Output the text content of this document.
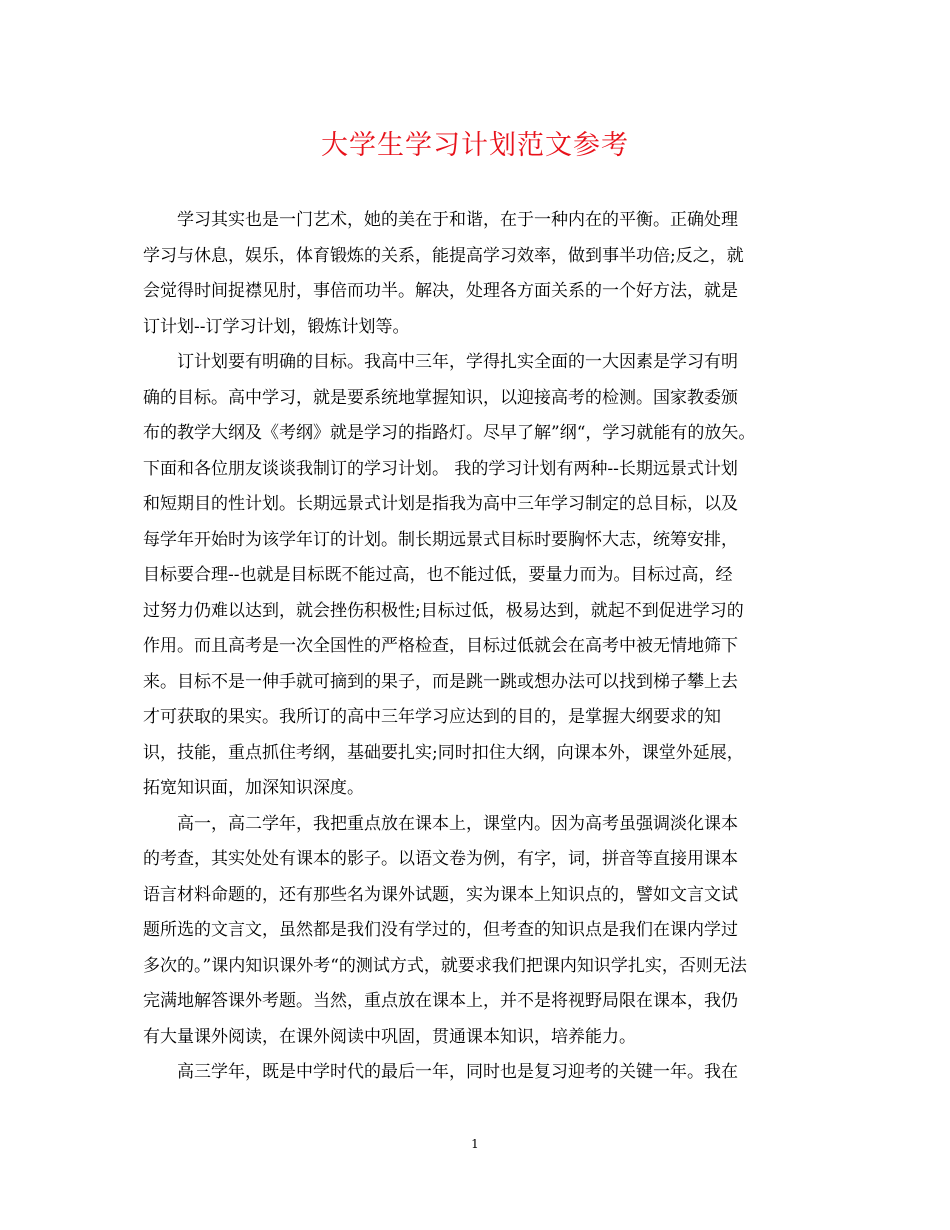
大学生学习计划范文参考
学习其实也是一门艺术，她的美在于和谐，在于一种内在的平衡。正确处理
学习与休息，娱乐，体育锻炼的关系，能提高学习效率，做到事半功倍;反之，就
会觉得时间捉襟见肘，事倍而功半。解决，处理各方面关系的一个好方法，就是
订计划--订学习计划，锻炼计划等。
订计划要有明确的目标。我高中三年，学得扎实全面的一大因素是学习有明
确的目标。高中学习，就是要系统地掌握知识，以迎接高考的检测。国家教委颁
布的教学大纲及《考纲》就是学习的指路灯。尽早了解”纲“，学习就能有的放矢。
下面和各位朋友谈谈我制订的学习计划。 我的学习计划有两种--长期远景式计划
和短期目的性计划。长期远景式计划是指我为高中三年学习制定的总目标，以及
每学年开始时为该学年订的计划。制长期远景式目标时要胸怀大志，统筹安排，
目标要合理--也就是目标既不能过高，也不能过低，要量力而为。目标过高，经
过努力仍难以达到，就会挫伤积极性;目标过低，极易达到，就起不到促进学习的
作用。而且高考是一次全国性的严格检查，目标过低就会在高考中被无情地筛下
来。目标不是一伸手就可摘到的果子，而是跳一跳或想办法可以找到梯子攀上去
才可获取的果实。我所订的高中三年学习应达到的目的，是掌握大纲要求的知
识，技能，重点抓住考纲，基础要扎实;同时扣住大纲，向课本外，课堂外延展，
拓宽知识面，加深知识深度。
高一，高二学年，我把重点放在课本上，课堂内。因为高考虽强调淡化课本
的考查，其实处处有课本的影子。以语文卷为例，有字，词，拼音等直接用课本
语言材料命题的，还有那些名为课外试题，实为课本上知识点的，譬如文言文试
题所选的文言文，虽然都是我们没有学过的，但考查的知识点是我们在课内学过
多次的。”课内知识课外考“的测试方式，就要求我们把课内知识学扎实，否则无法
完满地解答课外考题。当然，重点放在课本上，并不是将视野局限在课本，我仍
有大量课外阅读，在课外阅读中巩固，贯通课本知识，培养能力。
高三学年，既是中学时代的最后一年，同时也是复习迎考的关键一年。我在
1
